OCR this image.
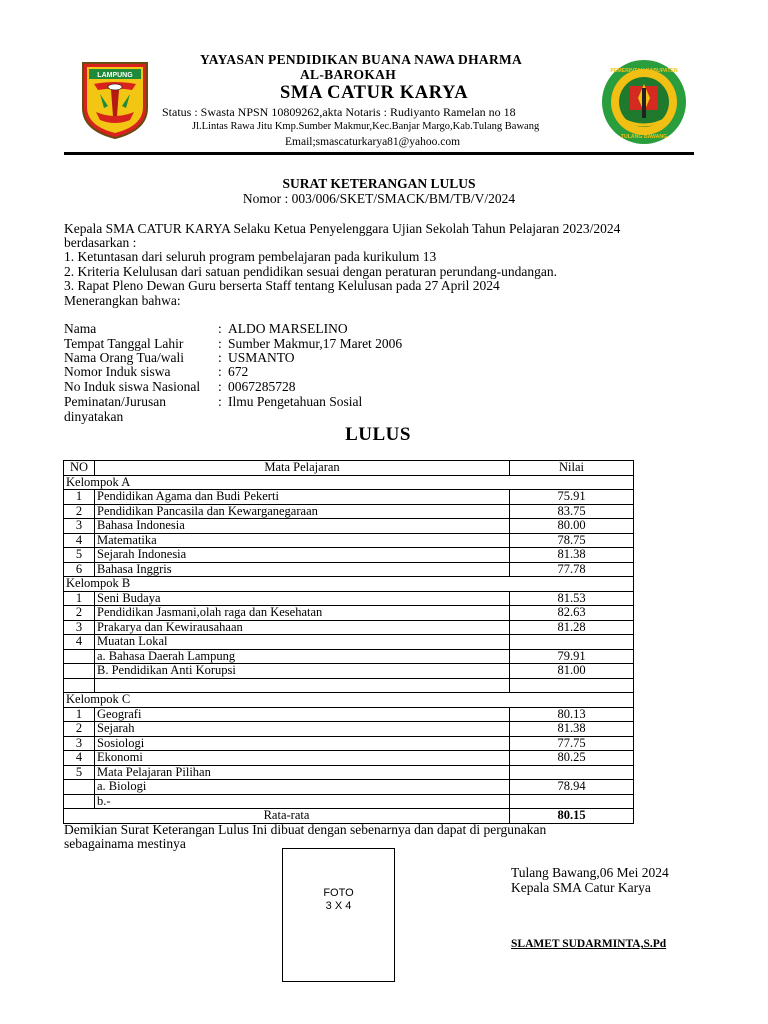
LAMPUNG
PEMERINTAH KABUPATEN
TULANG BAWANG
YAYASAN PENDIDIKAN BUANA NAWA DHARMA
AL-BAROKAH
SMA CATUR KARYA
Status : Swasta NPSN 10809262,akta Notaris : Rudiyanto Ramelan no 18
Jl.Lintas Rawa Jitu Kmp.Sumber Makmur,Kec.Banjar Margo,Kab.Tulang Bawang
Email;smascaturkarya81@yahoo.com
SURAT KETERANGAN LULUS
Nomor : 003/006/SKET/SMACK/BM/TB/V/2024
Kepala SMA CATUR KARYA Selaku Ketua Penyelenggara Ujian Sekolah Tahun Pelajaran 2023/2024
berdasarkan :
1. Ketuntasan dari seluruh program pembelajaran pada kurikulum 13
2. Kriteria Kelulusan dari satuan pendidikan sesuai dengan peraturan perundang-undangan.
3. Rapat Pleno Dewan Guru berserta Staff tentang Kelulusan pada 27 April 2024
Menerangkan bahwa:
Nama	: ALDO MARSELINO
Tempat Tanggal Lahir	: Sumber Makmur,17 Maret 2006
Nama Orang Tua/wali	: USMANTO
Nomor Induk siswa	: 672
No Induk siswa Nasional : 0067285728
Peminatan/Jurusan	: Ilmu Pengetahuan Sosial
dinyatakan
LULUS
NO	Mata Pelajaran	Nilai
Kelompok A		
1	Pendidikan Agama dan Budi Pekerti	75.91
2	Pendidikan Pancasila dan Kewarganegaraan	83.75
3	Bahasa Indonesia	80.00
4	Matematika	78.75
5	Sejarah Indonesia	81.38
6	Bahasa Inggris	77.78
Kelompok B		
1	Seni Budaya	81.53
2	Pendidikan Jasmani,olah raga dan Kesehatan	82.63
3	Prakarya dan Kewirausahaan	81.28
4	Muatan Lokal	
	a. Bahasa Daerah Lampung	79.91
	B. Pendidikan Anti Korupsi	81.00

Kelompok C		
1	Geografi	80.13
2	Sejarah	81.38
3	Sosiologi	77.75
4	Ekonomi	80.25
5	Mata Pelajaran Pilihan	
	a. Biologi	78.94
	b.-	
Rata-rata		80.15
Demikian Surat Keterangan Lulus Ini dibuat dengan sebenarnya dan dapat di pergunakan
sebagainama mestinya
FOTO
3 X 4
Tulang Bawang,06 Mei 2024
Kepala SMA Catur Karya
SLAMET SUDARMINTA,S.Pd
